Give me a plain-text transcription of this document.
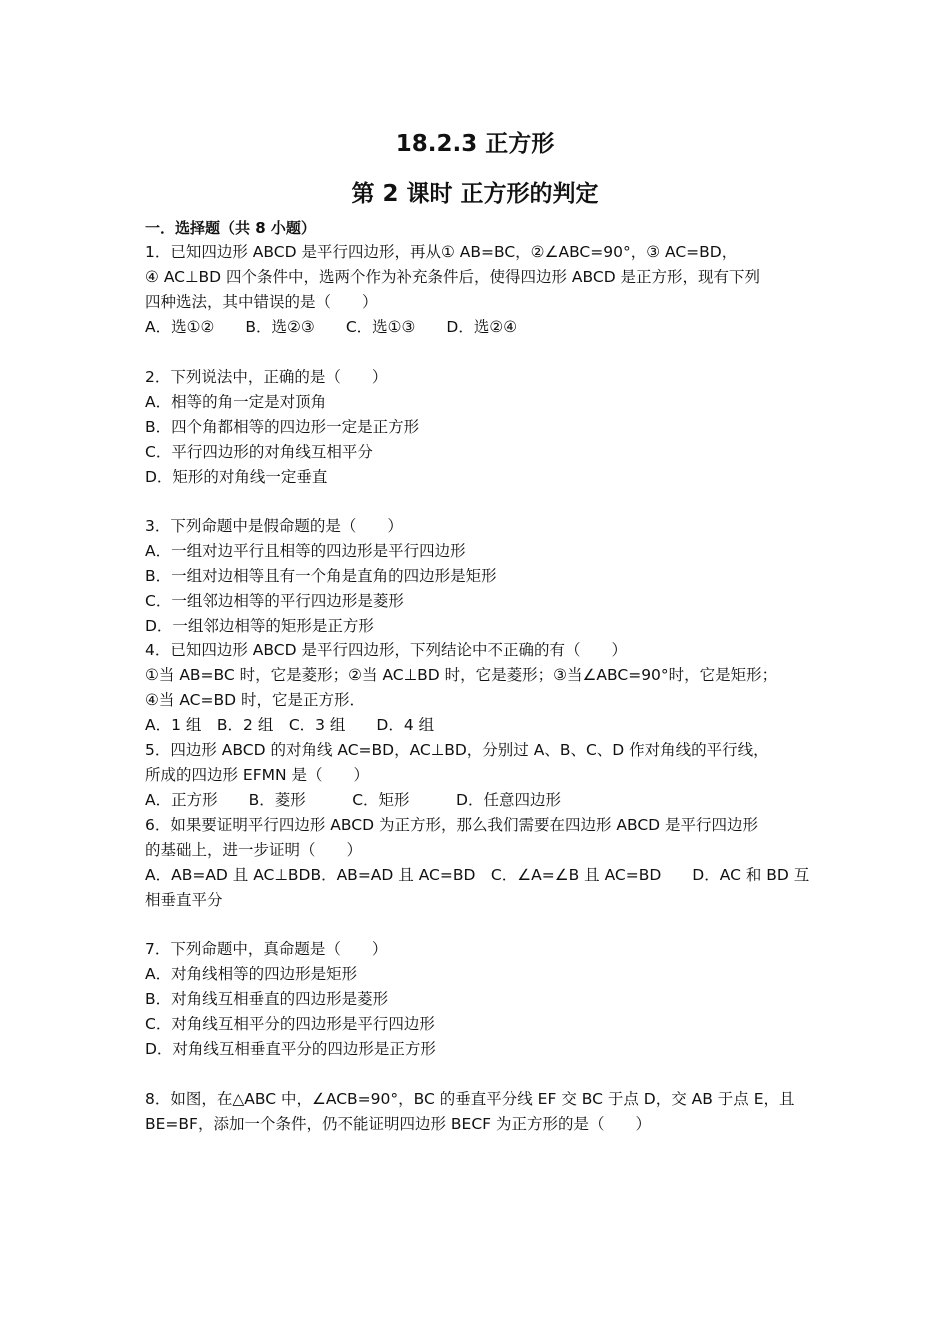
18.2.3 正方形
第 2 课时 正方形的判定
一．选择题（共 8 小题）
1．已知四边形 ABCD 是平行四边形，再从① AB=BC，②∠ABC=90°，③ AC=BD，
④ AC⊥BD 四个条件中，选两个作为补充条件后，使得四边形 ABCD 是正方形，现有下列
四种选法，其中错误的是（　　）
A．选①②　　B．选②③　　C．选①③　　D．选②④
2．下列说法中，正确的是（　　）
A．相等的角一定是对顶角
B．四个角都相等的四边形一定是正方形
C．平行四边形的对角线互相平分
D．矩形的对角线一定垂直
3．下列命题中是假命题的是（　　）
A．一组对边平行且相等的四边形是平行四边形
B．一组对边相等且有一个角是直角的四边形是矩形
C．一组邻边相等的平行四边形是菱形
D．一组邻边相等的矩形是正方形
4．已知四边形 ABCD 是平行四边形，下列结论中不正确的有（　　）
①当 AB=BC 时，它是菱形；②当 AC⊥BD 时，它是菱形；③当∠ABC=90°时，它是矩形；
④当 AC=BD 时，它是正方形．
A．1 组　B．2 组　C．3 组　　D．4 组
5．四边形 ABCD 的对角线 AC=BD，AC⊥BD，分别过 A、B、C、D 作对角线的平行线，
所成的四边形 EFMN 是（　　）
A．正方形　　B．菱形　　　C．矩形　　　D．任意四边形
6．如果要证明平行四边形 ABCD 为正方形，那么我们需要在四边形 ABCD 是平行四边形
的基础上，进一步证明（　　）
A．AB=AD 且 AC⊥BDB．AB=AD 且 AC=BD　C．∠A=∠B 且 AC=BD　　D．AC 和 BD 互
相垂直平分
7．下列命题中，真命题是（　　）
A．对角线相等的四边形是矩形
B．对角线互相垂直的四边形是菱形
C．对角线互相平分的四边形是平行四边形
D．对角线互相垂直平分的四边形是正方形
8．如图，在△ABC 中，∠ACB=90°，BC 的垂直平分线 EF 交 BC 于点 D，交 AB 于点 E，且
BE=BF，添加一个条件，仍不能证明四边形 BECF 为正方形的是（　　）
